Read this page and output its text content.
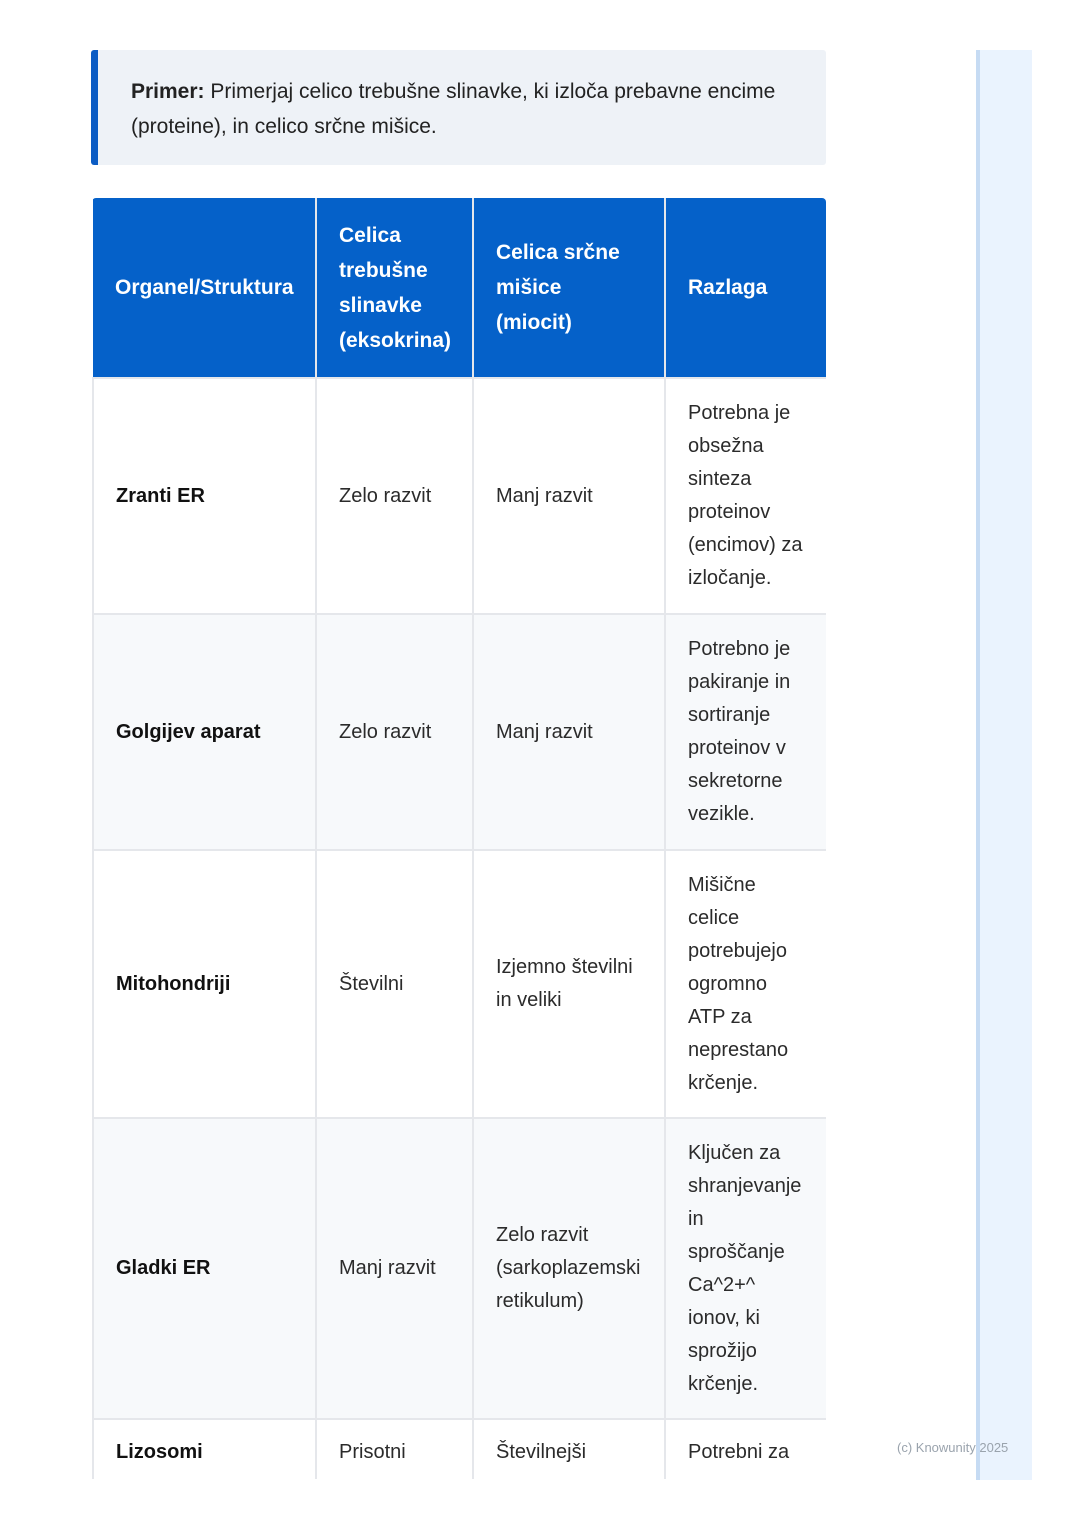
Primer: Primerjaj celico trebušne slinavke, ki izloča prebavne encime (proteine), in celico srčne mišice.
Organel/Struktura	Celica trebušne slinavke (eksokrina)	Celica srčne mišice (miocit)	Razlaga
Zranti ER	Zelo razvit	Manj razvit	Potrebna je obsežna sinteza proteinov (encimov) za izločanje.
Golgijev aparat	Zelo razvit	Manj razvit	Potrebno je pakiranje in sortiranje proteinov v sekretorne vezikle.
Mitohondriji	Številni	Izjemno številni in veliki	Mišične celice potrebujejo ogromno ATP za neprestano krčenje.
Gladki ER	Manj razvit	Zelo razvit (sarkoplazemski retikulum)	Ključen za shranjevanje in sproščanje Ca^2+^ ionov, ki sprožijo krčenje.
Lizosomi	Prisotni	Številnejši	Potrebni za	(c) Knowunity 2025
